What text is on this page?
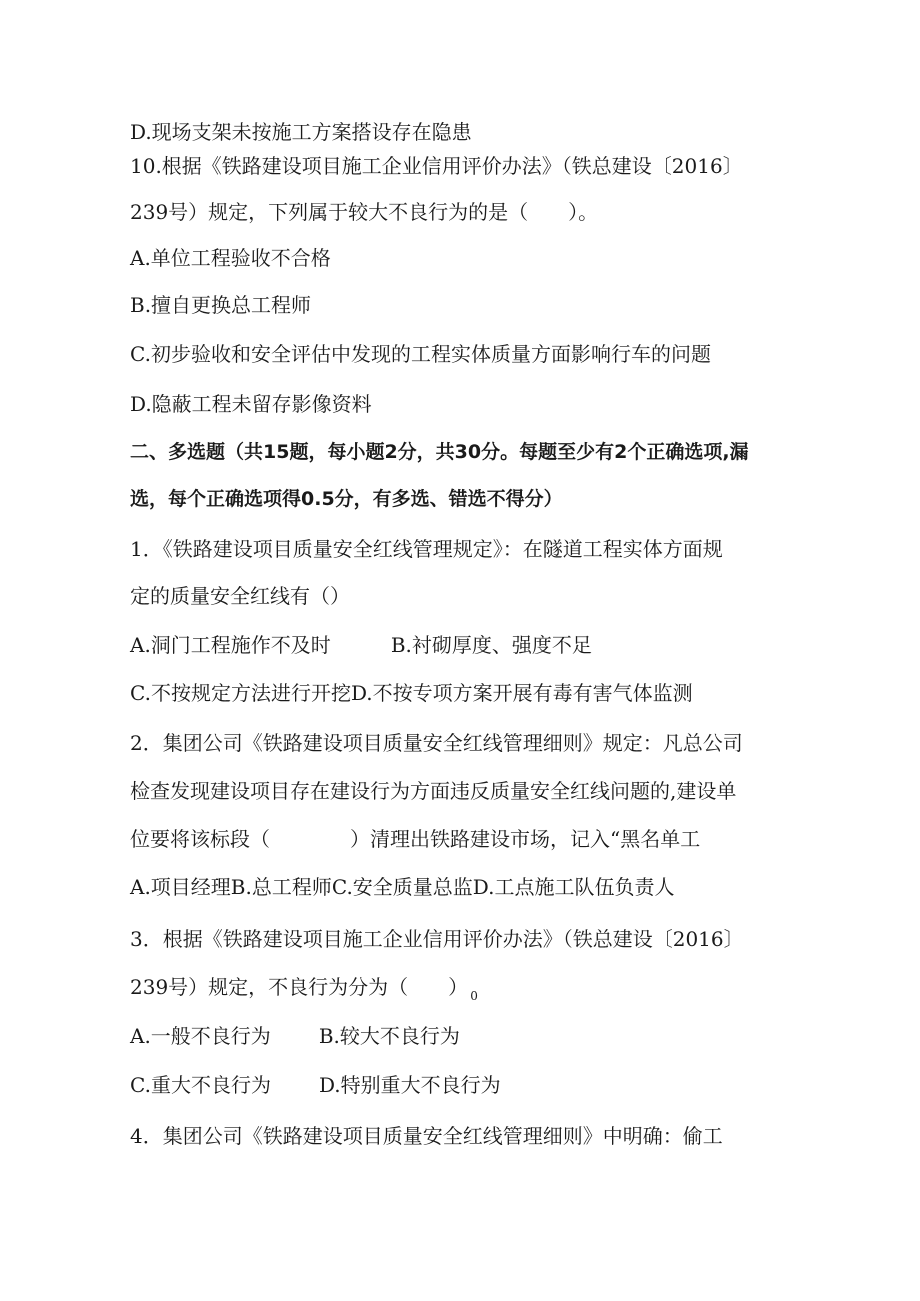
D.现场支架未按施工方案搭设存在隐患
10.根据《铁路建设项目施工企业信用评价办法》（铁总建设〔2016〕
239号）规定，下列属于较大不良行为的是（　　）。
A.单位工程验收不合格
B.擅自更换总工程师
C.初步验收和安全评估中发现的工程实体质量方面影响行车的问题
D.隐蔽工程未留存影像资料
二、多选题（共15题，每小题2分，共30分。每题至少有2个正确选项,漏
选，每个正确选项得0.5分，有多选、错选不得分）
1．《铁路建设项目质量安全红线管理规定》：在隧道工程实体方面规
定的质量安全红线有（）
A.洞门工程施作不及时	B.衬砌厚度、强度不足
C.不按规定方法进行开挖D.不按专项方案开展有毒有害气体监测
2．集团公司《铁路建设项目质量安全红线管理细则》规定：凡总公司
检查发现建设项目存在建设行为方面违反质量安全红线问题的,建设单
位要将该标段（　　　　）清理出铁路建设市场，记入“黑名单工
A.项目经理B.总工程师C.安全质量总监D.工点施工队伍负责人
3．根据《铁路建设项目施工企业信用评价办法》（铁总建设〔2016〕
239号）规定，不良行为分为（　　） $_0$
A.一般不良行为 B.较大不良行为
C.重大不良行为 D.特别重大不良行为
4．集团公司《铁路建设项目质量安全红线管理细则》中明确：偷工
